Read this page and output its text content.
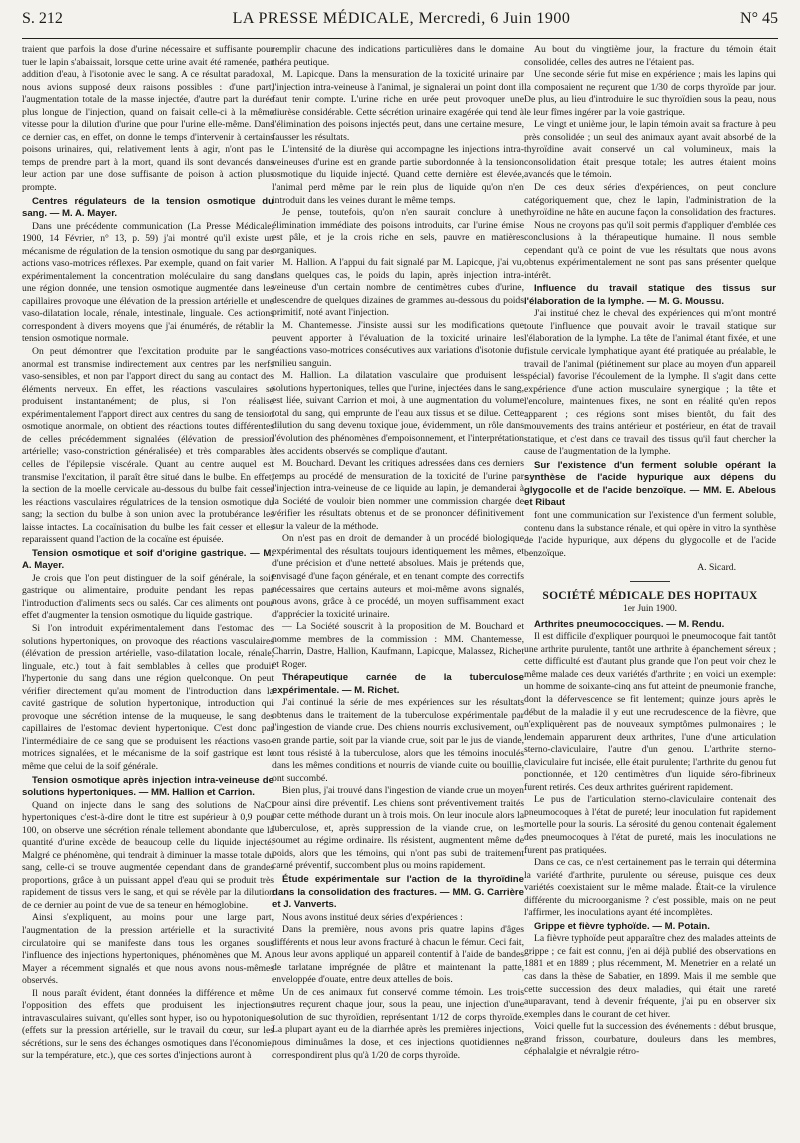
S. 212	LA PRESSE MÉDICALE, Mercredi, 6 Juin 1900	N° 45

traient que parfois la dose d'urine nécessaire et suffisante pour tuer le lapin s'abaissait, lorsque cette urine avait été ramenée, par addition d'eau, à l'isotonie avec le sang. A ce résultat paradoxal, nous avions supposé deux raisons possibles : d'une part, l'augmentation totale de la masse injectée, d'autre part la durée plus longue de l'injection, quand on faisait celle-ci à la même vitesse pour la dilution d'urine que pour l'urine elle-même. Dans ce dernier cas, en effet, on donne le temps d'intervenir à certains poisons urinaires, qui, relativement lents à agir, n'ont pas le temps de prendre part à la mort, quand ils sont devancés dans leur action par une dose suffisante de poison à action plus prompte.

Centres régulateurs de la tension osmotique du sang. — M. A. Mayer.

Dans une précédente communication (La Presse Médicale, 1900, 14 Février, n° 13, p. 59) j'ai montré qu'il existe un mécanisme de régulation de la tension osmotique du sang par des actions vaso-motrices réflexes. Par exemple, quand on fait varier expérimentalement la concentration moléculaire du sang dans une région donnée, une tension osmotique augmentée dans les capillaires provoque une élévation de la pression artérielle et une vaso-dilatation locale, rénale, intestinale, linguale. Ces actions correspondent à divers moyens que j'ai énumérés, de rétablir la tension osmotique normale.

On peut démontrer que l'excitation produite par le sang anormal est transmise indirectement aux centres par les nerfs vaso-sensibles, et non par l'apport direct du sang au contact des éléments nerveux. En effet, les réactions vasculaires se produisent instantanément; de plus, si l'on réalise expérimentalement l'apport direct aux centres du sang de tension osmotique anormale, on obtient des réactions toutes différentes de celles précédemment signalées (élévation de pression artérielle; vaso-constriction généralisée) et très comparables à celles de l'épilepsie viscérale. Quant au centre auquel est transmise l'excitation, il paraît être situé dans le bulbe. En effet, la section de la moelle cervicale au-dessous du bulbe fait cesser les réactions vasculaires régulatrices de la tension osmotique du sang; la section du bulbe à son union avec la protubérance les laisse intactes. La cocaïnisation du bulbe les fait cesser et elles reparaissent quand l'action de la cocaïne est épuisée.

Tension osmotique et soif d'origine gastrique. — M. A. Mayer.

Je crois que l'on peut distinguer de la soif générale, la soif gastrique ou alimentaire, produite pendant les repas par l'introduction d'aliments secs ou salés. Car ces aliments ont pour effet d'augmenter la tension osmotique du liquide gastrique.

Si l'on introduit expérimentalement dans l'estomac des solutions hypertoniques, on provoque des réactions vasculaires (élévation de pression artérielle, vaso-dilatation locale, rénale, linguale, etc.) tout à fait semblables à celles que produit l'hypertonie du sang dans une région quelconque. On peut vérifier directement qu'au moment de l'introduction dans la cavité gastrique de solution hypertonique, introduction qui provoque une sécrétion intense de la muqueuse, le sang des capillaires de l'estomac devient hypertonique. C'est donc par l'intermédiaire de ce sang que se produisent les réactions vaso-motrices signalées, et le mécanisme de la soif gastrique est le même que celui de la soif générale.

Tension osmotique après injection intra-veineuse de solutions hypertoniques. — MM. Hallion et Carrion.

Quand on injecte dans le sang des solutions de NaCl hypertoniques c'est-à-dire dont le titre est supérieur à 0,9 pour 100, on observe une sécrétion rénale tellement abondante que la quantité d'urine excède de beaucoup celle du liquide injecté. Malgré ce phénomène, qui tendrait à diminuer la masse totale du sang, celle-ci se trouve augmentée cependant dans de grandes proportions, grâce à un puissant appel d'eau qui se produit très rapidement de tissus vers le sang, et qui se révèle par la dilution de ce dernier au point de vue de sa teneur en hémoglobine.

Ainsi s'expliquent, au moins pour une large part, l'augmentation de la pression artérielle et la suractivité circulatoire qui se manifeste dans tous les organes sous l'influence des injections hypertoniques, phénomènes que M. A. Mayer a récemment signalés et que nous avons nous-mêmes observés.

Il nous paraît évident, étant données la différence et même l'opposition des effets que produisent les injections intravasculaires suivant, qu'elles sont hyper, iso ou hypotoniques (effets sur la pression artérielle, sur le travail du cœur, sur les sécrétions, sur le sens des échanges osmotiques dans l'économie, sur la température, etc.), que ces sortes d'injections auront à

remplir chacune des indications particulières dans le domaine théra peutique.

M. Lapicque. Dans la mensuration de la toxicité urinaire par l'injection intra-veineuse à l'animal, je signalerai un point dont il faut tenir compte. L'urine riche en urée peut provoquer une diurèse considérable. Cette sécrétion urinaire exagérée qui tend à l'élimination des poisons injectés peut, dans une certaine mesure, fausser les résultats.

L'intensité de la diurèse qui accompagne les injections intra-veineuses d'urine est en grande partie subordonnée à la tension osmotique du liquide injecté. Quand cette dernière est élevée, l'animal perd même par le rein plus de liquide qu'on n'en introduit dans les veines durant le même temps.

Je pense, toutefois, qu'on n'en saurait conclure à une élimination immédiate des poisons introduits, car l'urine émise est pâle, et je la crois riche en sels, pauvre en matières organiques.

M. Hallion. A l'appui du fait signalé par M. Lapicque, j'ai vu, dans quelques cas, le poids du lapin, après injection intra-veineuse d'un certain nombre de centimètres cubes d'urine, descendre de quelques dizaines de grammes au-dessous du poids primitif, noté avant l'injection.

M. Chantemesse. J'insiste aussi sur les modifications que peuvent apporter à l'évaluation de la toxicité urinaire les réactions vaso-motrices consécutives aux variations d'isotonie du milieu sanguin.

M. Hallion. La dilatation vasculaire que produisent les solutions hypertoniques, telles que l'urine, injectées dans le sang, est liée, suivant Carrion et moi, à une augmentation du volume total du sang, qui emprunte de l'eau aux tissus et se dilue. Cette dilution du sang devenu toxique joue, évidemment, un rôle dans l'évolution des phénomènes d'empoisonnement, et l'interprétation des accidents observés se complique d'autant.

M. Bouchard. Devant les critiques adressées dans ces derniers temps au procédé de mensuration de la toxicité de l'urine par l'injection intra-veineuse de ce liquide au lapin, je demanderai à la Société de vouloir bien nommer une commission chargée de vérifier les résultats obtenus et de se prononcer définitivement sur la valeur de la méthode.

On n'est pas en droit de demander à un procédé biologique expérimental des résultats toujours identiquement les mêmes, et d'une précision et d'une netteté absolues. Mais je prétends que, envisagé d'une façon générale, et en tenant compte des correctifs nécessaires que certains auteurs et moi-même avons signalés, nous avons, grâce à ce procédé, un moyen suffisamment exact d'apprécier la toxicité urinaire.

— La Société souscrit à la proposition de M. Bouchard et nomme membres de la commission : MM. Chantemesse, Charrin, Dastre, Hallion, Kaufmann, Lapicque, Malassez, Richet et Roger.

Thérapeutique carnée de la tuberculose expérimentale. — M. Richet.

J'ai continué la série de mes expériences sur les résultats obtenus dans le traitement de la tuberculose expérimentale par l'ingestion de viande crue. Des chiens nourris exclusivement, ou en grande partie, soit par la viande crue, soit par le jus de viande, ont tous résisté à la tuberculose, alors que les témoins inoculés dans les mêmes conditions et nourris de viande cuite ou bouillie, ont succombé.

Bien plus, j'ai trouvé dans l'ingestion de viande crue un moyen pour ainsi dire préventif. Les chiens sont préventivement traités par cette méthode durant un à trois mois. On leur inocule alors la tuberculose, et, après suppression de la viande crue, on les soumet au régime ordinaire. Ils résistent, augmentent même de poids, alors que les témoins, qui n'ont pas subi de traitement carné préventif, succombent plus ou moins rapidement.

Étude expérimentale sur l'action de la thyroïdine dans la consolidation des fractures. — MM. G. Carrière et J. Vanverts.

Nous avons institué deux séries d'expériences :

Dans la première, nous avons pris quatre lapins d'âges différents et nous leur avons fracturé à chacun le fémur. Ceci fait, nous leur avons appliqué un appareil contentif à l'aide de bandes de tarlatane imprégnée de plâtre et maintenant la patte, enveloppée d'ouate, entre deux attelles de bois.

Un de ces animaux fut conservé comme témoin. Les trois autres reçurent chaque jour, sous la peau, une injection d'une solution de suc thyroïdien, représentant 1/12 de corps thyroïde. La plupart ayant eu de la diarrhée après les premières injections, nous diminuâmes la dose, et ces injections quotidiennes ne correspondirent plus qu'à 1/20 de corps thyroïde.

Au bout du vingtième jour, la fracture du témoin était consolidée, celles des autres ne l'étaient pas.

Une seconde série fut mise en expérience ; mais les lapins qui la composaient ne reçurent que 1/30 de corps thyroïde par jour. De plus, au lieu d'introduire le suc thyroïdien sous la peau, nous le leur fîmes ingérer par la voie gastrique.

Le vingt et unième jour, le lapin témoin avait sa fracture à peu près consolidée ; un seul des animaux ayant avait absorbé de la thyroïdine avait conservé un cal volumineux, mais la consolidation était presque totale; les autres étaient moins avancés que le témoin.

De ces deux séries d'expériences, on peut conclure catégoriquement que, chez le lapin, l'administration de la thyroïdine ne hâte en aucune façon la consolidation des fractures.

Nous ne croyons pas qu'il soit permis d'appliquer d'emblée ces conclusions à la thérapeutique humaine. Il nous semble cependant qu'à ce point de vue les résultats que nous avons obtenus expérimentalement ne sont pas sans présenter quelque intérêt.

Influence du travail statique des tissus sur l'élaboration de la lymphe. — M. G. Moussu.

J'ai institué chez le cheval des expériences qui m'ont montré toute l'influence que pouvait avoir le travail statique sur l'élaboration de la lymphe. La tête de l'animal étant fixée, et une fistule cervicale lymphatique ayant été pratiquée au préalable, le travail de l'animal (piétinement sur place au moyen d'un appareil spécial) favorise l'écoulement de la lymphe. Il s'agit dans cette expérience d'une action musculaire synergique ; la tête et l'encolure, maintenues fixes, ne sont en réalité qu'en repos apparent ; ces régions sont mises bientôt, du fait des mouvements des trains antérieur et postérieur, en état de travail statique, et c'est dans ce travail des tissus qu'il faut chercher la cause de l'augmentation de la lymphe.

Sur l'existence d'un ferment soluble opérant la synthèse de l'acide hypurique aux dépens du glygocolle et de l'acide benzoïque. — MM. E. Abelous et Ribaut

font une communication sur l'existence d'un ferment soluble, contenu dans la substance rénale, et qui opère in vitro la synthèse de l'acide hypurique, aux dépens du glygocolle et de l'acide benzoïque.

A. Sicard.

SOCIÉTÉ MÉDICALE DES HOPITAUX
1er Juin 1900.
Arthrites pneumococciques. — M. Rendu.

Il est difficile d'expliquer pourquoi le pneumocoque fait tantôt une arthrite purulente, tantôt une arthrite à épanchement séreux ; cette difficulté est d'autant plus grande que l'on peut voir chez le même malade ces deux variétés d'arthrite ; en voici un exemple: un homme de soixante-cinq ans fut atteint de pneumonie franche, dont la défervescence se fit lentement; quinze jours après le début de la maladie il y eut une recrudescence de la fièvre, que n'expliquèrent pas de nouveaux symptômes pulmonaires ; le lendemain apparurent deux arthrites, l'une d'une articulation sterno-claviculaire, l'autre d'un genou. L'arthrite sterno-claviculaire fut incisée, elle était purulente; l'arthrite du genou fut ponctionnée, et 120 centimètres d'un liquide séro-fibrineux furent retirés. Ces deux arthrites guérirent rapidement.

Le pus de l'articulation sterno-claviculaire contenait des pneumocoques à l'état de pureté; leur inoculation fut rapidement mortelle pour la souris. La sérosité du genou contenait également des pneumocoques à l'état de pureté, mais les inoculations ne furent pas pratiquées.

Dans ce cas, ce n'est certainement pas le terrain qui détermina la variété d'arthrite, purulente ou séreuse, puisque ces deux variétés coexistaient sur le même malade. Était-ce la virulence différente du microorganisme ? c'est possible, mais on ne peut l'affirmer, les inoculations ayant été incomplètes.

Grippe et fièvre typhoïde. — M. Potain.

La fièvre typhoïde peut apparaître chez des malades atteints de grippe ; ce fait est connu, j'en ai déjà publié des observations en 1881 et en 1889 ; plus récemment, M. Menetrier en a relaté un cas dans la thèse de Sabatier, en 1899. Mais il me semble que cette succession des deux maladies, qui était une rareté auparavant, tend à devenir fréquente, j'ai pu en observer six exemples dans le courant de cet hiver.

Voici quelle fut la succession des événements : début brusque, grand frisson, courbature, douleurs dans les membres, céphalalgie et névralgie rétro-
